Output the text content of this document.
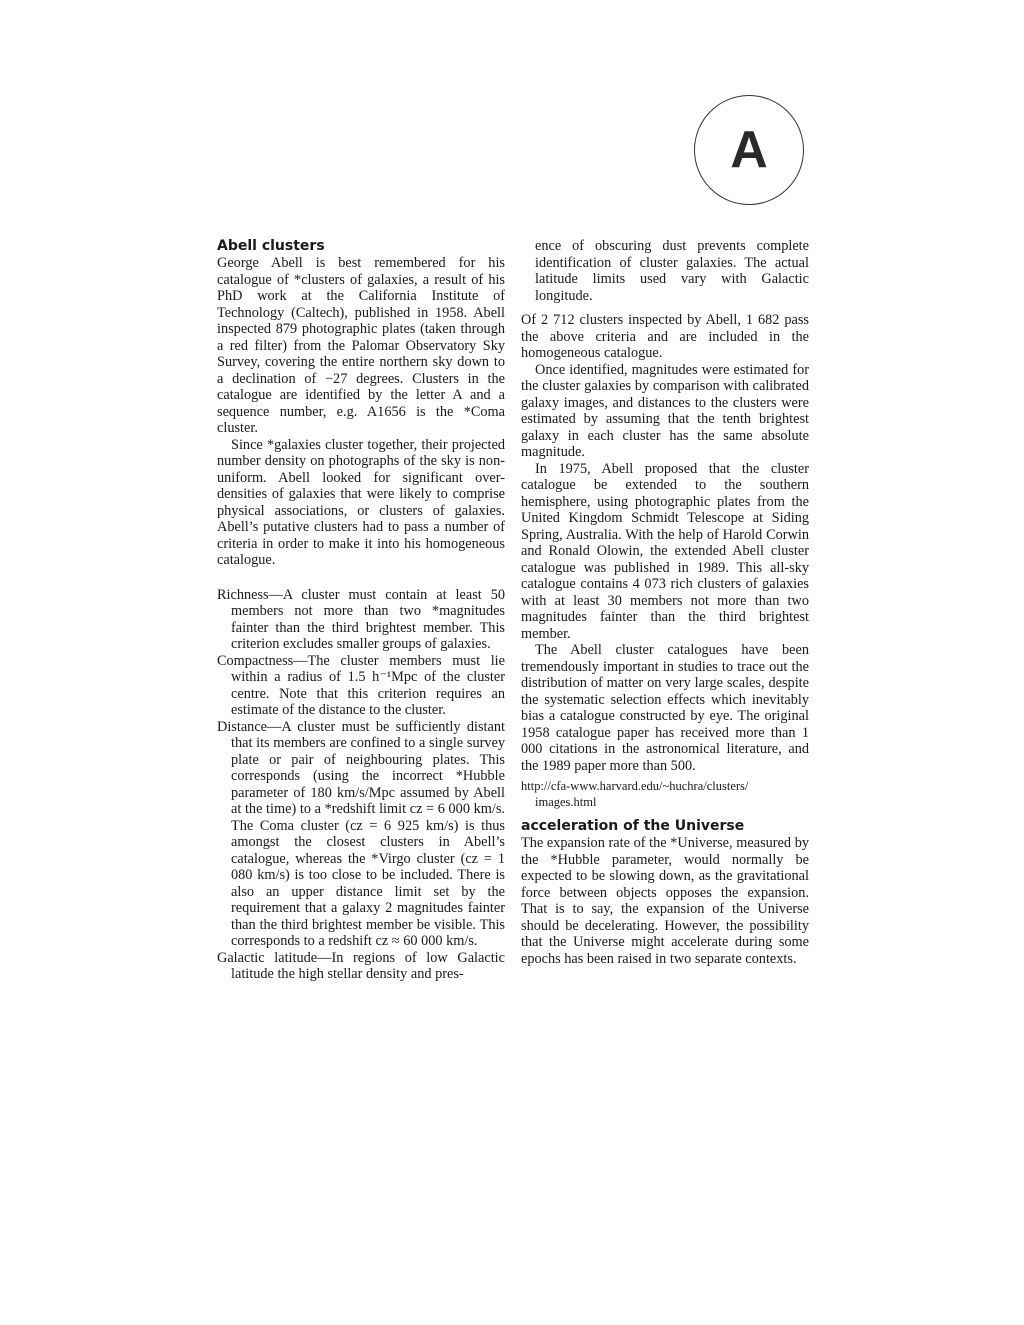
A
Abell clusters

George Abell is best remembered for his catalogue of *clusters of galaxies, a result of his PhD work at the California Institute of Technology (Caltech), published in 1958. Abell inspected 879 photographic plates (taken through a red filter) from the Palomar Observatory Sky Survey, covering the entire northern sky down to a declination of −27 degrees. Clusters in the catalogue are identified by the letter A and a sequence number, e.g. A1656 is the *Coma cluster.

Since *galaxies cluster together, their projected number density on photographs of the sky is non-uniform. Abell looked for significant over-densities of galaxies that were likely to comprise physical associations, or clusters of galaxies. Abell’s putative clusters had to pass a number of criteria in order to make it into his homogeneous catalogue.

Richness—A cluster must contain at least 50 members not more than two *magnitudes fainter than the third brightest member. This criterion excludes smaller groups of galaxies.
Compactness—The cluster members must lie within a radius of 1.5 h⁻¹Mpc of the cluster centre. Note that this criterion requires an estimate of the distance to the cluster.
Distance—A cluster must be sufficiently distant that its members are confined to a single survey plate or pair of neighbouring plates. This corresponds (using the incorrect *Hubble parameter of 180 km/s/Mpc assumed by Abell at the time) to a *redshift limit cz = 6 000 km/s. The Coma cluster (cz = 6 925 km/s) is thus amongst the closest clusters in Abell’s catalogue, whereas the *Virgo cluster (cz = 1 080 km/s) is too close to be included. There is also an upper distance limit set by the requirement that a galaxy 2 magnitudes fainter than the third brightest member be visible. This corresponds to a redshift cz ≈ 60 000 km/s.
Galactic latitude—In regions of low Galactic latitude the high stellar density and pres-

ence of obscuring dust prevents complete identification of cluster galaxies. The actual latitude limits used vary with Galactic longitude.

Of 2 712 clusters inspected by Abell, 1 682 pass the above criteria and are included in the homogeneous catalogue.

Once identified, magnitudes were estimated for the cluster galaxies by comparison with calibrated galaxy images, and distances to the clusters were estimated by assuming that the tenth brightest galaxy in each cluster has the same absolute magnitude.

In 1975, Abell proposed that the cluster catalogue be extended to the southern hemisphere, using photographic plates from the United Kingdom Schmidt Telescope at Siding Spring, Australia. With the help of Harold Corwin and Ronald Olowin, the extended Abell cluster catalogue was published in 1989. This all-sky catalogue contains 4 073 rich clusters of galaxies with at least 30 members not more than two magnitudes fainter than the third brightest member.

The Abell cluster catalogues have been tremendously important in studies to trace out the distribution of matter on very large scales, despite the systematic selection effects which inevitably bias a catalogue constructed by eye. The original 1958 catalogue paper has received more than 1 000 citations in the astronomical literature, and the 1989 paper more than 500.

http://cfa-www.harvard.edu/~huchra/clusters/
images.html

acceleration of the Universe

The expansion rate of the *Universe, measured by the *Hubble parameter, would normally be expected to be slowing down, as the gravitational force between objects opposes the expansion. That is to say, the expansion of the Universe should be decelerating. However, the possibility that the Universe might accelerate during some epochs has been raised in two separate contexts.
